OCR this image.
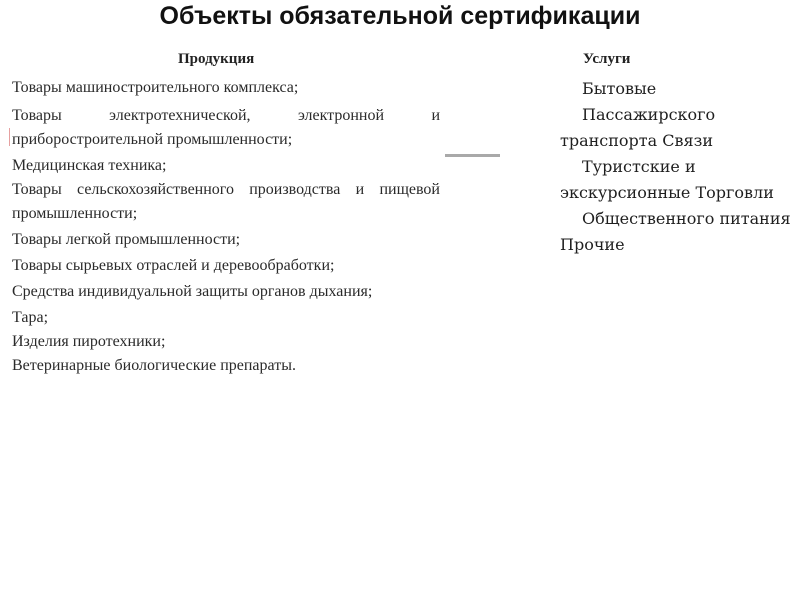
Объекты обязательной сертификации
Продукция	Услуги
Товары машиностроительного комплекса;
Товары электротехнической, электронной и приборостроительной промышленности;
Медицинская техника;
Товары сельскохозяйственного производства и пищевой промышленности;
Товары легкой промышленности;
Товары сырьевых отраслей и деревообработки;
Средства индивидуальной защиты органов дыхания;
Тара;
Изделия пиротехники;
Ветеринарные биологические препараты.
Бытовые
Пассажирского транспорта Связи
Туристские и экскурсионные Торговли
Общественного питания Прочие
